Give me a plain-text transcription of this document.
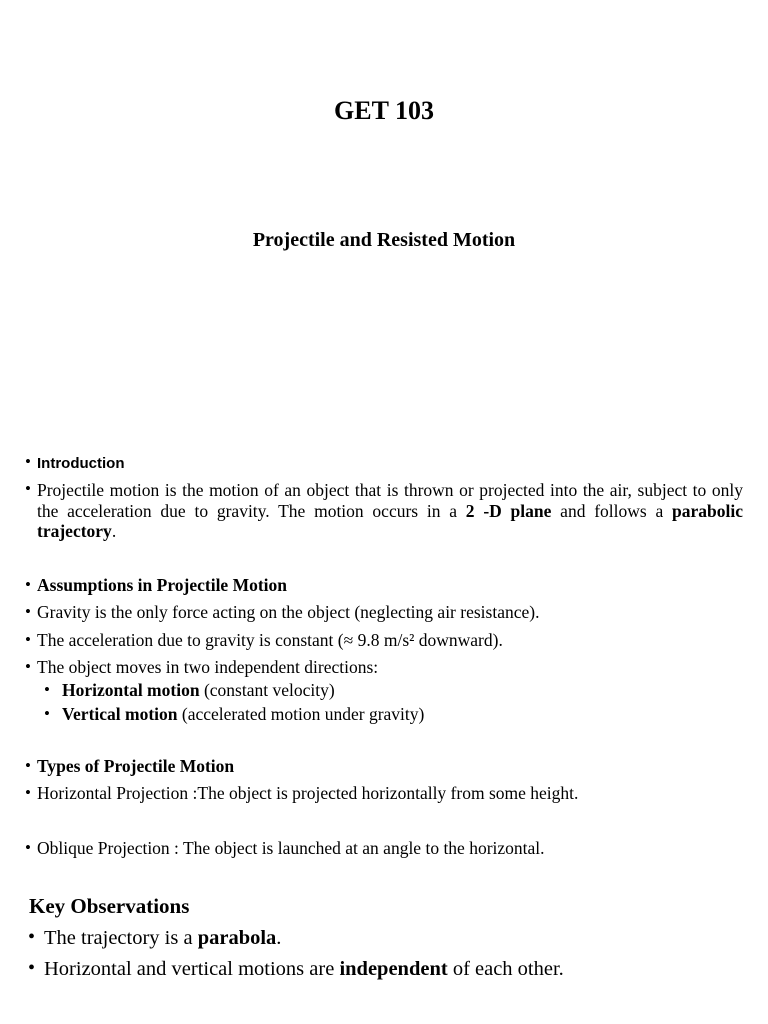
GET 103
Projectile and Resisted Motion
• Introduction
• Projectile motion is the motion of an object that is thrown or projected into the air, subject to only the acceleration due to gravity. The motion occurs in a 2 -D plane and follows a parabolic trajectory.
• Assumptions in Projectile Motion
• Gravity is the only force acting on the object (neglecting air resistance).
• The acceleration due to gravity is constant (≈ 9.8 m/s² downward).
• The object moves in two independent directions:
• Horizontal motion (constant velocity)
• Vertical motion (accelerated motion under gravity)
• Types of Projectile Motion
• Horizontal Projection :The object is projected horizontally from some height.
• Oblique Projection : The object is launched at an angle to the horizontal.
Key Observations
• The trajectory is a parabola.
• Horizontal and vertical motions are independent of each other.
